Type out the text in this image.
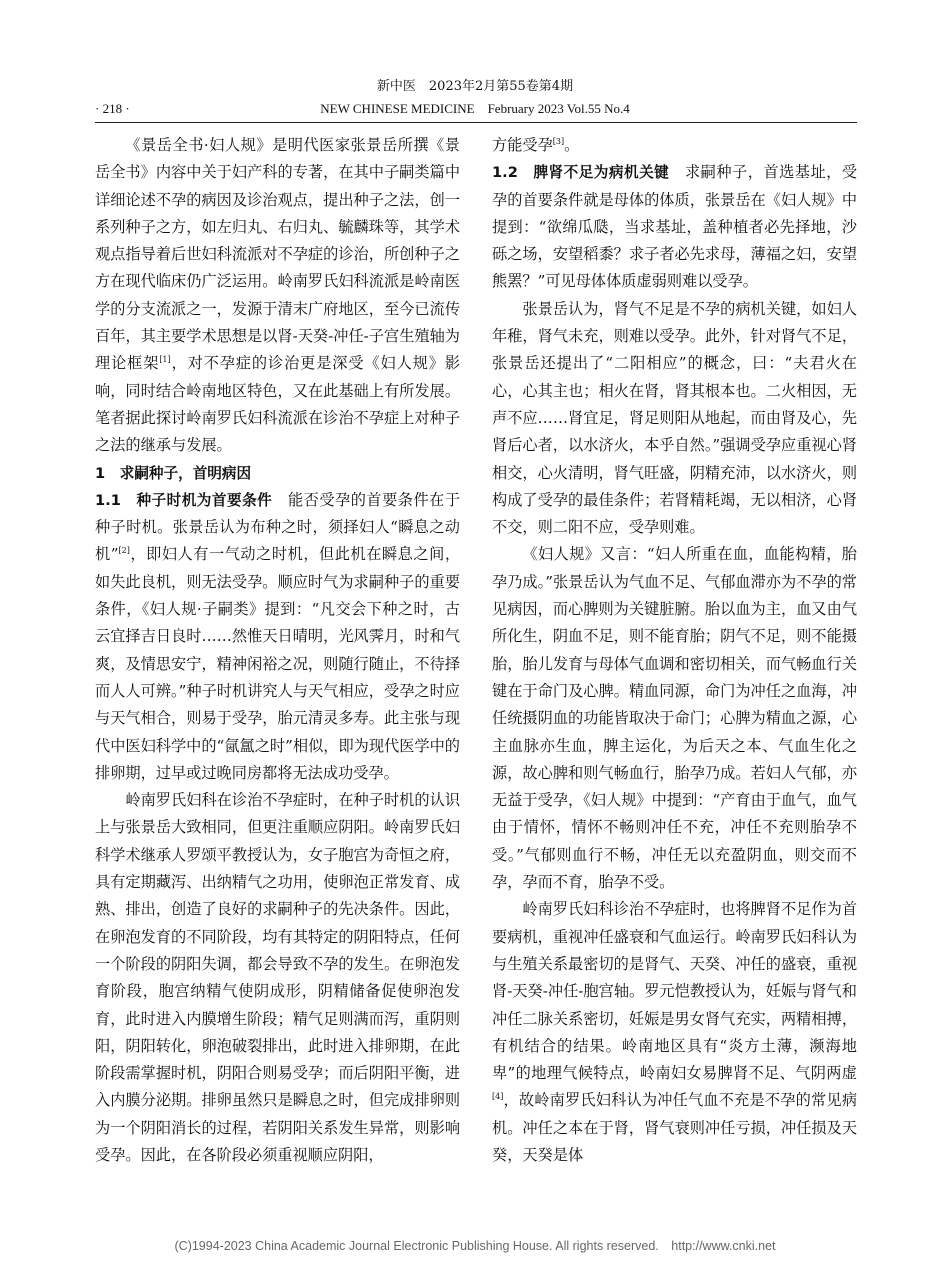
新中医　2023年2月第55卷第4期
· 218 ·	NEW CHINESE MEDICINE　February 2023 Vol.55 No.4

《景岳全书·妇人规》是明代医家张景岳所撰《景岳全书》内容中关于妇产科的专著，在其中子嗣类篇中详细论述不孕的病因及诊治观点，提出种子之法，创一系列种子之方，如左归丸、右归丸、毓麟珠等，其学术观点指导着后世妇科流派对不孕症的诊治，所创种子之方在现代临床仍广泛运用。岭南罗氏妇科流派是岭南医学的分支流派之一，发源于清末广府地区，至今已流传百年，其主要学术思想是以肾-天癸-冲任-子宫生殖轴为理论框架[1]，对不孕症的诊治更是深受《妇人规》影响，同时结合岭南地区特色，又在此基础上有所发展。笔者据此探讨岭南罗氏妇科流派在诊治不孕症上对种子之法的继承与发展。

1　求嗣种子，首明病因

1.1　种子时机为首要条件　能否受孕的首要条件在于种子时机。张景岳认为布种之时，须择妇人“瞬息之动机”[2]，即妇人有一气动之时机，但此机在瞬息之间，如失此良机，则无法受孕。顺应时气为求嗣种子的重要条件，《妇人规·子嗣类》提到：“凡交会下种之时，古云宜择吉日良时……然惟天日晴明，光风霁月，时和气爽，及情思安宁，精神闲裕之况，则随行随止，不待择而人人可辨。”种子时机讲究人与天气相应，受孕之时应与天气相合，则易于受孕，胎元清灵多寿。此主张与现代中医妇科学中的“氤氲之时”相似，即为现代医学中的排卵期，过早或过晚同房都将无法成功受孕。

岭南罗氏妇科在诊治不孕症时，在种子时机的认识上与张景岳大致相同，但更注重顺应阴阳。岭南罗氏妇科学术继承人罗颂平教授认为，女子胞宫为奇恒之府，具有定期藏泻、出纳精气之功用，使卵泡正常发育、成熟、排出，创造了良好的求嗣种子的先决条件。因此，在卵泡发育的不同阶段，均有其特定的阴阳特点，任何一个阶段的阴阳失调，都会导致不孕的发生。在卵泡发育阶段，胞宫纳精气使阴成形，阴精储备促使卵泡发育，此时进入内膜增生阶段；精气足则满而泻，重阴则阳，阴阳转化，卵泡破裂排出，此时进入排卵期，在此阶段需掌握时机，阴阳合则易受孕；而后阴阳平衡，进入内膜分泌期。排卵虽然只是瞬息之时，但完成排卵则为一个阴阳消长的过程，若阴阳关系发生异常，则影响受孕。因此，在各阶段必须重视顺应阴阳，

方能受孕[3]。

1.2　脾肾不足为病机关键　求嗣种子，首选基址，受孕的首要条件就是母体的体质，张景岳在《妇人规》中提到：“欲绵瓜瓞，当求基址，盖种植者必先择地，沙砾之场，安望稻黍？求子者必先求母，薄福之妇，安望熊罴？”可见母体体质虚弱则难以受孕。

张景岳认为，肾气不足是不孕的病机关键，如妇人年稚，肾气未充，则难以受孕。此外，针对肾气不足，张景岳还提出了“二阳相应”的概念，曰：“夫君火在心，心其主也；相火在肾，肾其根本也。二火相因，无声不应……肾宜足，肾足则阳从地起，而由肾及心，先肾后心者，以水济火，本乎自然。”强调受孕应重视心肾相交，心火清明，肾气旺盛，阴精充沛，以水济火，则构成了受孕的最佳条件；若肾精耗竭，无以相济，心肾不交，则二阳不应，受孕则难。

《妇人规》又言：“妇人所重在血，血能构精，胎孕乃成。”张景岳认为气血不足、气郁血滞亦为不孕的常见病因，而心脾则为关键脏腑。胎以血为主，血又由气所化生，阴血不足，则不能育胎；阴气不足，则不能摄胎，胎儿发育与母体气血调和密切相关，而气畅血行关键在于命门及心脾。精血同源，命门为冲任之血海，冲任统摄阴血的功能皆取决于命门；心脾为精血之源，心主血脉亦生血，脾主运化，为后天之本、气血生化之源，故心脾和则气畅血行，胎孕乃成。若妇人气郁，亦无益于受孕，《妇人规》中提到：“产育由于血气，血气由于情怀，情怀不畅则冲任不充，冲任不充则胎孕不受。”气郁则血行不畅，冲任无以充盈阴血，则交而不孕，孕而不育，胎孕不受。

岭南罗氏妇科诊治不孕症时，也将脾肾不足作为首要病机，重视冲任盛衰和气血运行。岭南罗氏妇科认为与生殖关系最密切的是肾气、天癸、冲任的盛衰，重视肾-天癸-冲任-胞宫轴。罗元恺教授认为，妊娠与肾气和冲任二脉关系密切，妊娠是男女肾气充实，两精相搏，有机结合的结果。岭南地区具有“炎方土薄，濒海地卑”的地理气候特点，岭南妇女易脾肾不足、气阴两虚[4]，故岭南罗氏妇科认为冲任气血不充是不孕的常见病机。冲任之本在于肾，肾气衰则冲任亏损，冲任损及天癸，天癸是体

(C)1994-2023 China Academic Journal Electronic Publishing House. All rights reserved.　http://www.cnki.net
